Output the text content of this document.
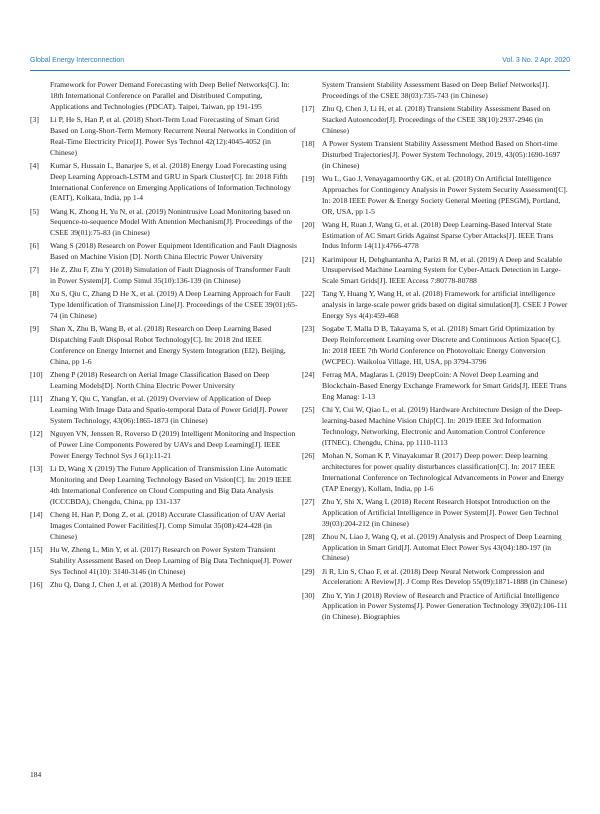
Global Energy Interconnection	Vol. 3 No. 2 Apr. 2020
Framework for Power Demand Forecasting with Deep Belief Networks[C]. In: 18th International Conference on Parallel and Distributed Computing, Applications and Technologies (PDCAT). Taipei, Taiwan, pp 191-195
[3]	Li P, He S, Han P, et al. (2018) Short-Term Load Forecasting of Smart Grid Based on Long-Short-Term Memory Recurrent Neural Networks in Condition of Real-Time Electricity Price[J]. Power Sys Technol 42(12):4045-4052 (in Chinese)
[4]	Kumar S, Hussain L, Banarjee S, et al. (2018) Energy Load Forecasting using Deep Learning Approach-LSTM and GRU in Spark Cluster[C]. In: 2018 Fifth International Conference on Emerging Applications of Information Technology (EAIT), Kolkata, India, pp 1-4
[5]	Wang K, Zhong H, Yu N, et al. (2019) Nonintrusive Load Monitoring based on Sequence-to-sequence Model With Attention Mechanism[J]. Proceedings of the CSEE 39(01):75-83 (in Chinese)
[6]	Wang S (2018) Research on Power Equipment Identification and Fault Diagnosis Based on Machine Vision [D]. North China Electric Power University
[7]	He Z, Zhu F, Zhu Y (2018) Simulation of Fault Diagnosis of Transformer Fault in Power System[J]. Comp Simul 35(10):136-139 (in Chinese)
[8]	Xu S, Qiu C, Zhang D He X, et al. (2019) A Deep Learning Approach for Fault Type Identification of Transmission Line[J]. Proceedings of the CSEE 39(01):65-74 (in Chinese)
[9]	Shan X, Zhu B, Wang B, et al. (2018) Research on Deep Learning Based Dispatching Fault Disposal Robot Technology[C]. In: 2018 2nd IEEE Conference on Energy Internet and Energy System Integration (EI2), Beijing, China, pp 1-6
[10] Zheng P (2018) Research on Aerial Image Classification Based on Deep Learning Models[D]. North China Electric Power University
[11]	Zhang Y, Qiu C, Yangfan, et al. (2019) Overview of Application of Deep Learning With Image Data and Spatio-temporal Data of Power Grid[J]. Power System Technology, 43(06):1865-1873 (in Chinese)
[12] Nguyen VN, Jenssen R, Roverso D (2019) Intelligent Monitoring and Inspection of Power Line Components Powered by UAVs and Deep Learning[J]. IEEE Power Energy Technol Sys J 6(1):11-21
[13] Li D, Wang X (2019) The Future Application of Transmission Line Automatic Monitoring and Deep Learning Technology Based on Vision[C]. In: 2019 IEEE 4th International Conference on Cloud Computing and Big Data Analysis (ICCCBDA), Chengdu, China, pp 131-137
[14] Cheng H, Han P, Dong Z, et al. (2018) Accurate Classification of UAV Aerial Images Contained Power Facilities[J]. Comp Simulat 35(08):424-428 (in Chinese)
[15] Hu W, Zheng L, Min Y, et al. (2017) Research on Power System Transient Stability Assessment Based on Deep Learning of Big Data Technique[J]. Power Sys Technol 41(10): 3140-3146 (in Chinese)
[16] Zhu Q, Dang J, Chen J, et al. (2018) A Method for Power
System Transient Stability Assessment Based on Deep Belief Networks[J]. Proceedings of the CSEE 38(03):735-743 (in Chinese)
[17] Zhu Q, Chen J, Li H, et al. (2018) Transient Stability Assessment Based on Stacked Autoencoder[J]. Proceedings of the CSEE 38(10):2937-2946 (in Chinese)
[18] A Power System Transient Stability Assessment Method Based on Short-time Disturbed Trajectories[J]. Power System Technology, 2019, 43(05):1690-1697 (in Chinese)
[19] Wu L, Gao J, Venayagamoorthy GK, et al. (2018) On Artificial Intelligence Approaches for Contingency Analysis in Power System Security Assessment[C]. In: 2018 IEEE Power & Energy Society General Meeting (PESGM), Portland, OR, USA, pp 1-5
[20] Wang H, Ruan J, Wang G, et al. (2018) Deep Learning-Based Interval State Estimation of AC Smart Grids Against Sparse Cyber Attacks[J]. IEEE Trans Indus Inform 14(11):4766-4778
[21] Karimipour H, Dehghantanha A, Parizi R M, et al. (2019) A Deep and Scalable Unsupervised Machine Learning System for Cyber-Attack Detection in Large-Scale Smart Grids[J]. IEEE Access 7:80778-80788
[22] Tang Y, Huang Y, Wang H, et al. (2018) Framework for artificial intelligence analysis in large-scale power grids based on digital simulation[J]. CSEE J Power Energy Sys 4(4):459-468
[23] Sogabe T, Malla D B, Takayama S, et al. (2018) Smart Grid Optimization by Deep Reinforcement Learning over Discrete and Continuous Action Space[C]. In: 2018 IEEE 7th World Conference on Photovoltaic Energy Conversion (WCPEC). Waikoloa Village, HI, USA, pp 3794-3796
[24] Ferrag MA, Maglaras L (2019) DeepCoin: A Novel Deep Learning and Blockchain-Based Energy Exchange Framework for Smart Grids[J]. IEEE Trans Eng Manag: 1-13
[25] Chi Y, Cui W, Qiao L, et al. (2019) Hardware Architecture Design of the Deep-learning-based Machine Vision Chip[C]. In: 2019 IEEE 3rd Information Technology, Networking, Electronic and Automation Control Conference (ITNEC). Chengdu, China, pp 1110-1113
[26] Mohan N, Soman K P, Vinayakumar R (2017) Deep power: Deep learning architectures for power quality disturbances classification[C]. In: 2017 IEEE International Conference on Technological Advancements in Power and Energy (TAP Energy), Kollam, India, pp 1-6
[27] Zhu Y, Shi X, Wang L (2018) Recent Research Hotspot Introduction on the Application of Artificial Intelligence in Power System[J]. Power Gen Technol 39(03):204-212 (in Chinese)
[28] Zhou N, Liao J, Wang Q, et al. (2019) Analysis and Prospect of Deep Learning Application in Smart Grid[J]. Automat Elect Power Sys 43(04):180-197 (in Chinese)
[29] Ji R, Lin S, Chao F, et al. (2018) Deep Neural Network Compression and Acceleration: A Review[J]. J Comp Res Develop 55(09):1871-1888 (in Chinese)
[30] Zhu Y, Yin J (2018) Review of Research and Practice of Artificial Intelligence Application in Power Systems[J]. Power Generation Technology 39(02):106-111 (in Chinese). Biographies
184
